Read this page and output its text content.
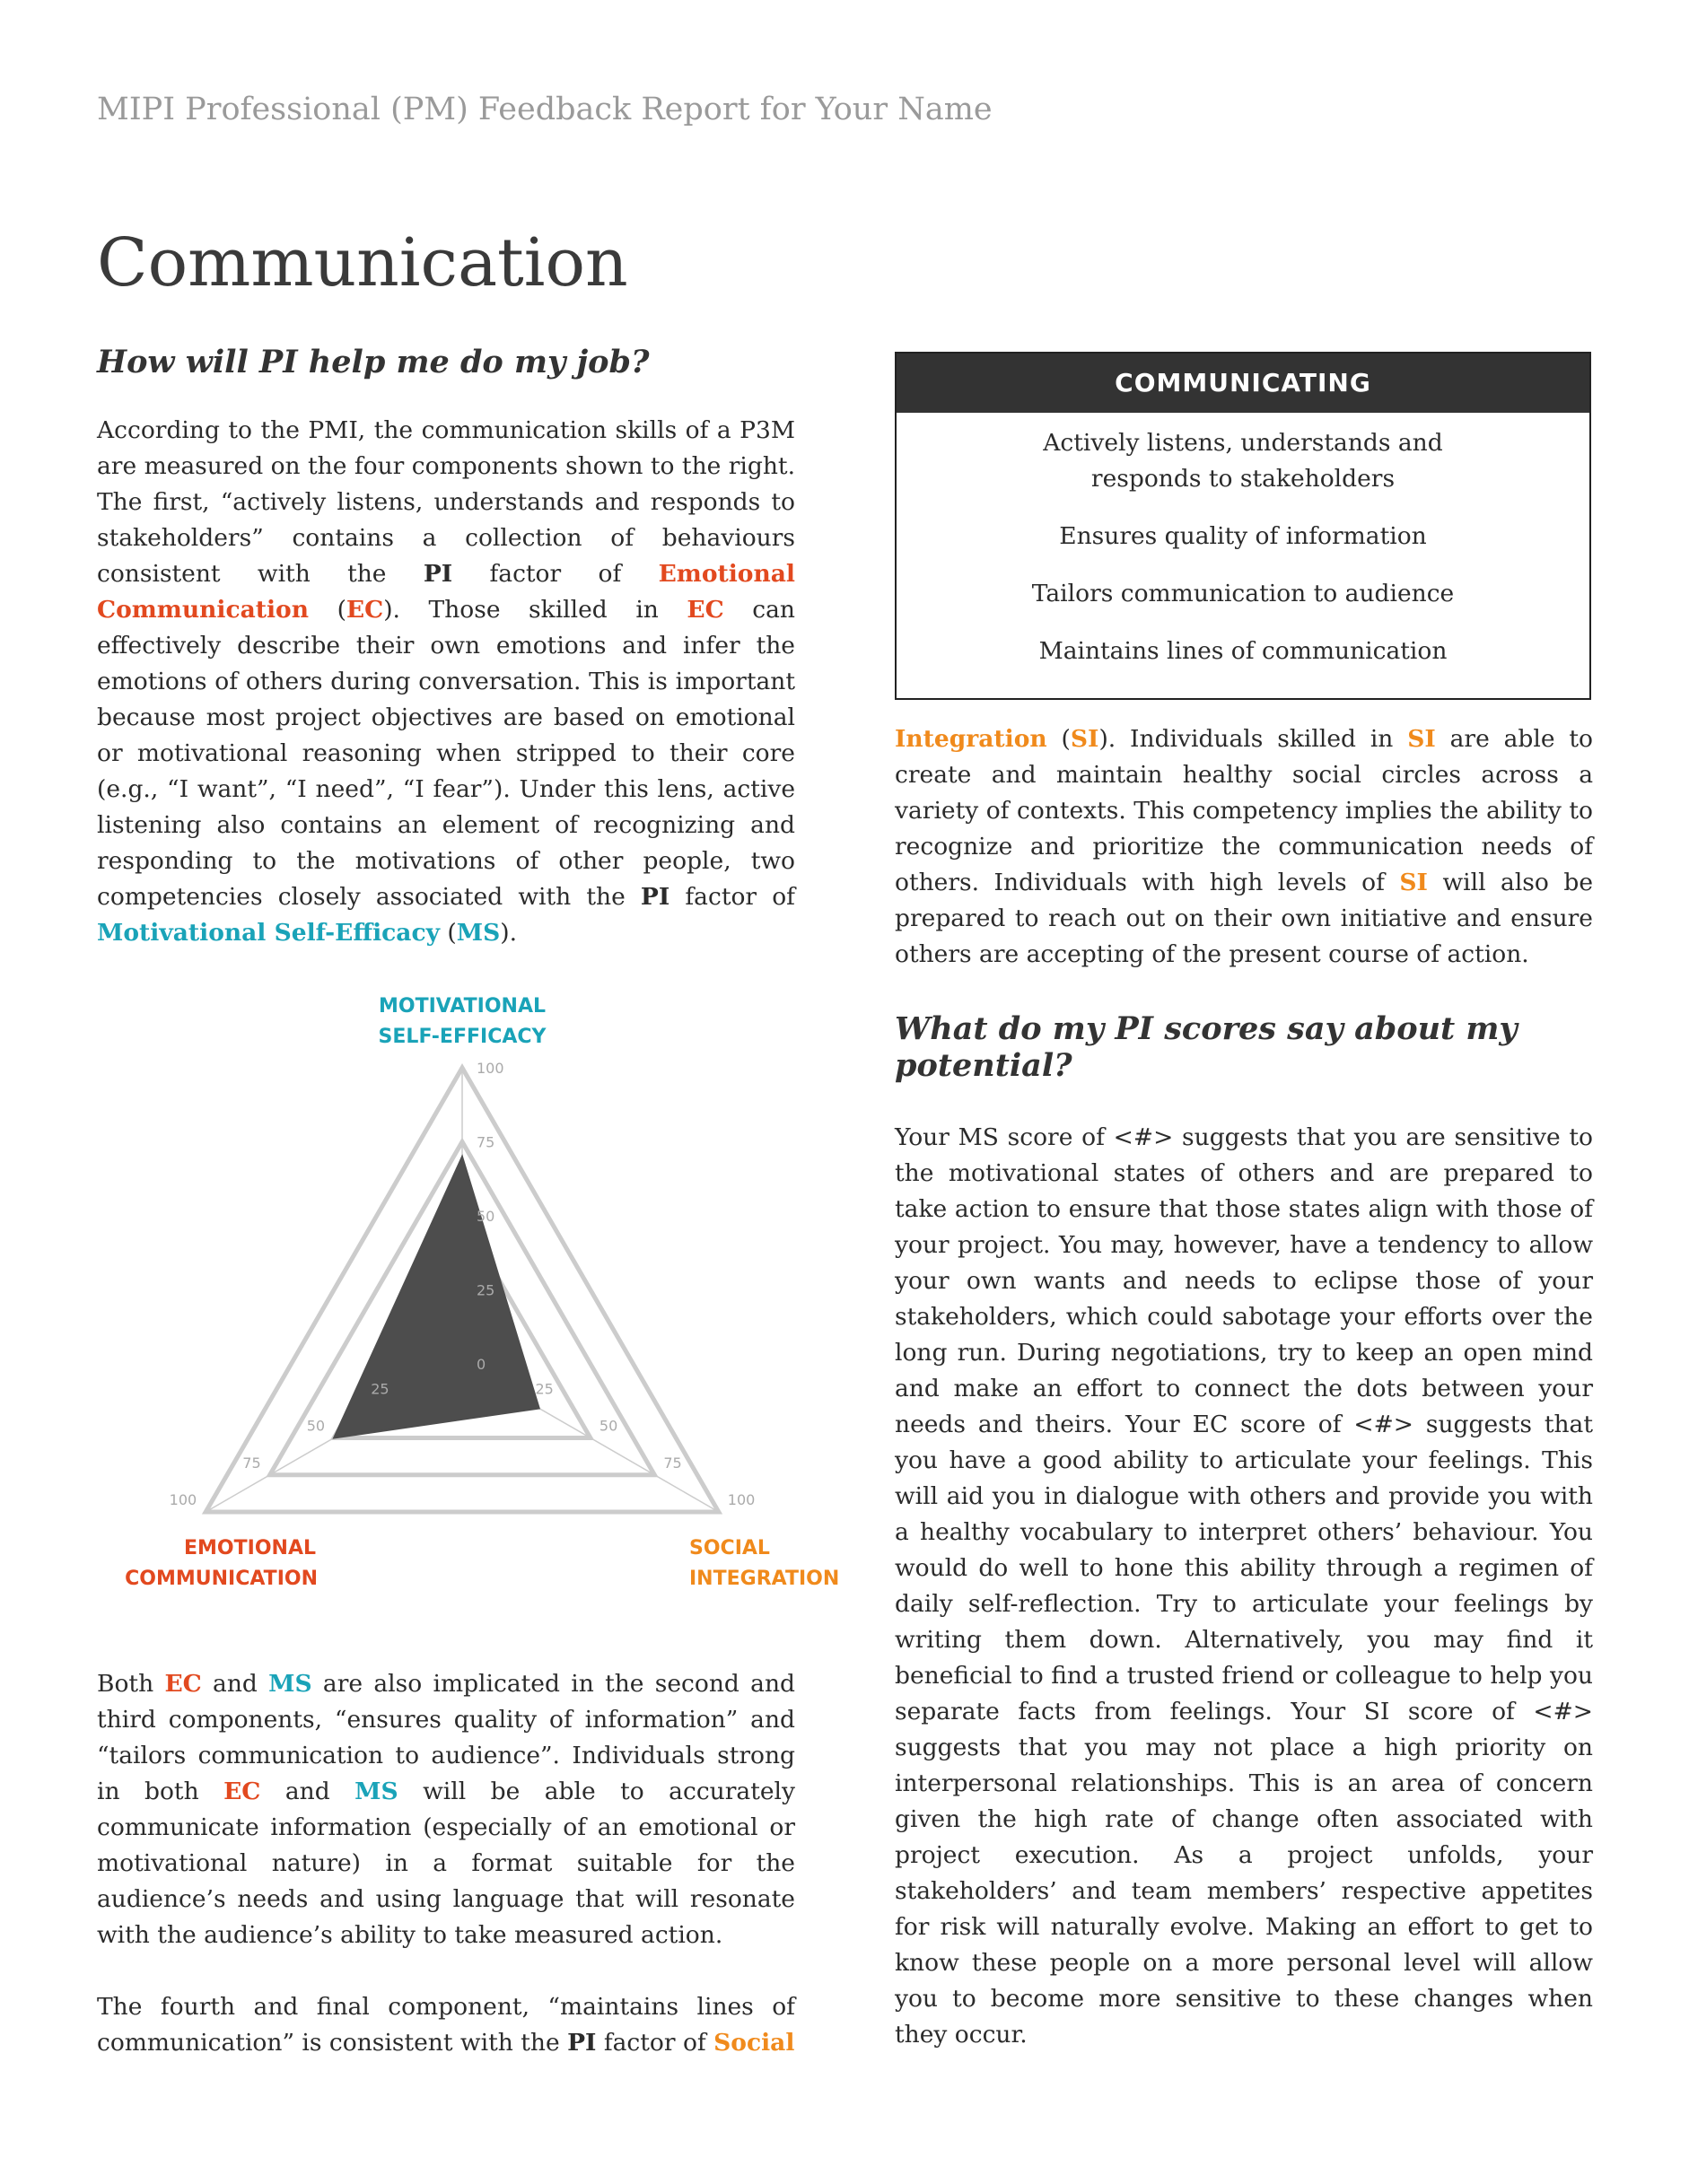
MIPI Professional (PM) Feedback Report for Your Name
Communication
How will PI help me do my job?

According to the PMI, the communication skills of a P3M are measured on the four components shown to the right. The first, “actively listens, understands and responds to stakeholders” contains a collection of behaviours consistent with the PI factor of Emotional Communication (EC). Those skilled in EC can effectively describe their own emotions and infer the emotions of others during conversation. This is important because most project objectives are based on emotional or motivational reasoning when stripped to their core (e.g., “I want”, “I need”, “I fear”). Under this lens, active listening also contains an element of recognizing and responding to the motivations of other people, two competencies closely associated with the PI factor of Motivational Self-Efficacy (MS).

0
25
25
25
50
50
50
75
75
75
100
100
100
MOTIVATIONAL
SELF-EFFICACY
SOCIAL
INTEGRATION
EMOTIONAL
COMMUNICATION

Both EC and MS are also implicated in the second and third components, “ensures quality of information” and “tailors communication to audience”. Individuals strong in both EC and MS will be able to accurately communicate information (especially of an emotional or motivational nature) in a format suitable for the audience’s needs and using language that will resonate with the audience’s ability to take measured action.

The fourth and final component, “maintains lines of communication” is consistent with the PI factor of Social

COMMUNICATING
Actively listens, understands and responds to stakeholders
Ensures quality of information
Tailors communication to audience
Maintains lines of communication

Integration (SI). Individuals skilled in SI are able to create and maintain healthy social circles across a variety of contexts. This competency implies the ability to recognize and prioritize the communication needs of others. Individuals with high levels of SI will also be prepared to reach out on their own initiative and ensure others are accepting of the present course of action.

What do my PI scores say about my potential?

Your MS score of <#> suggests that you are sensitive to the motivational states of others and are prepared to take action to ensure that those states align with those of your project. You may, however, have a tendency to allow your own wants and needs to eclipse those of your stakeholders, which could sabotage your efforts over the long run. During negotiations, try to keep an open mind and make an effort to connect the dots between your needs and theirs. Your EC score of <#> suggests that you have a good ability to articulate your feelings. This will aid you in dialogue with others and provide you with a healthy vocabulary to interpret others’ behaviour. You would do well to hone this ability through a regimen of daily self-reflection. Try to articulate your feelings by writing them down. Alternatively, you may find it beneficial to find a trusted friend or colleague to help you separate facts from feelings. Your SI score of <#> suggests that you may not place a high priority on interpersonal relationships. This is an area of concern given the high rate of change often associated with project execution. As a project unfolds, your stakeholders’ and team members’ respective appetites for risk will naturally evolve. Making an effort to get to know these people on a more personal level will allow you to become more sensitive to these changes when they occur.
